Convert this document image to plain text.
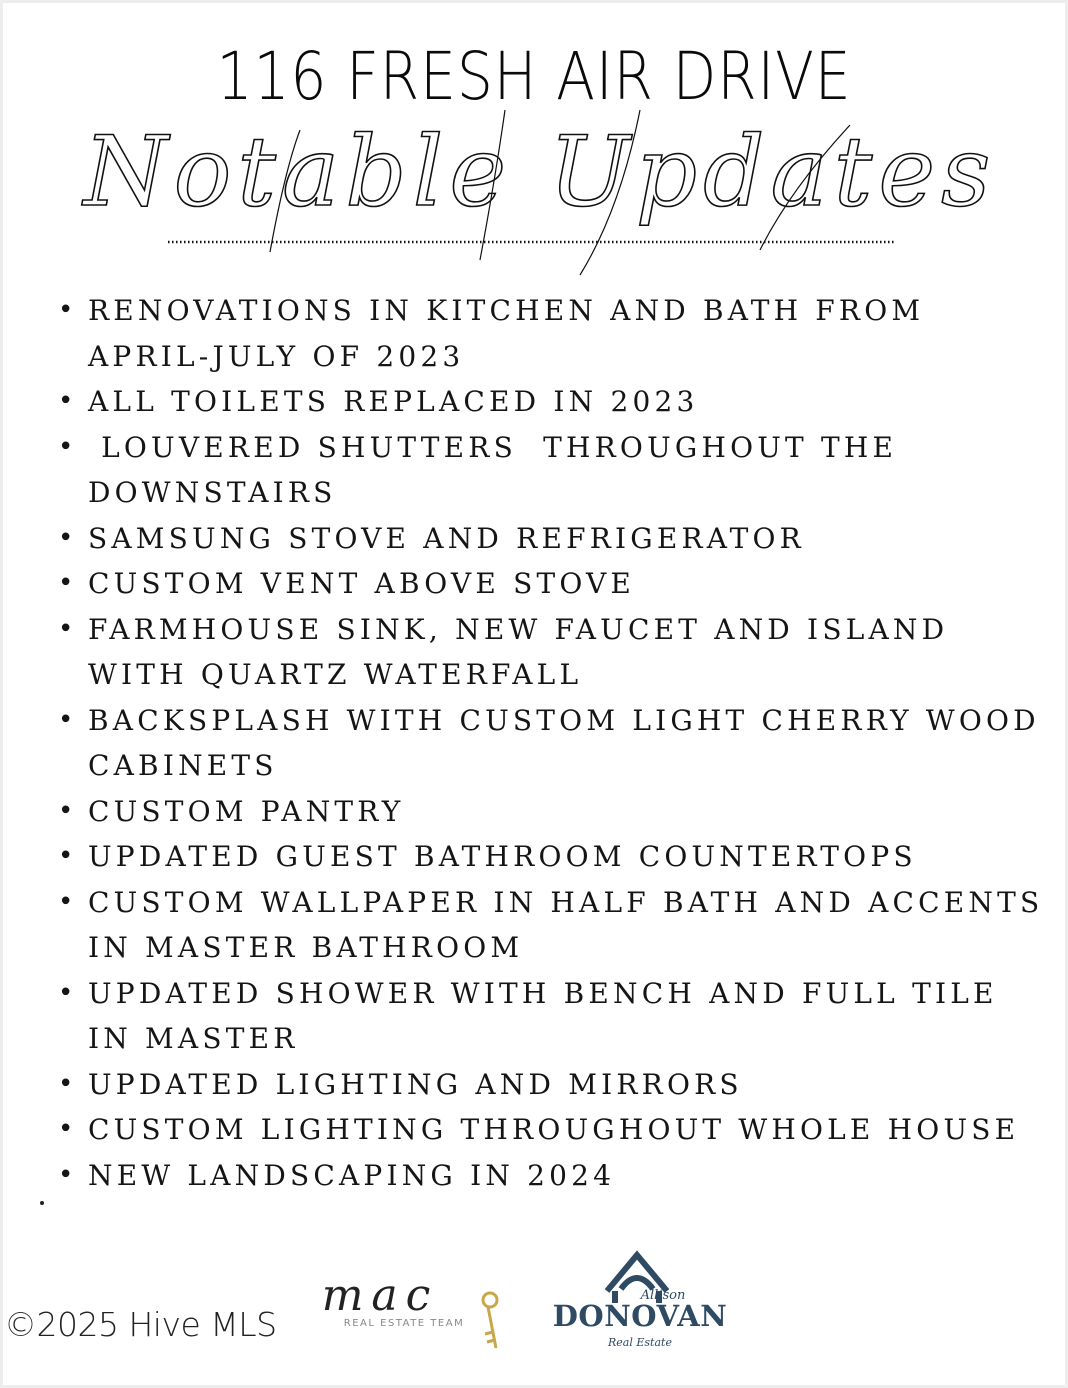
116 FRESH AIR DRIVE
Notable Updates
• RENOVATIONS IN KITCHEN AND BATH FROM APRIL-JULY OF 2023
• ALL TOILETS REPLACED IN 2023
•  LOUVERED SHUTTERS  THROUGHOUT THE DOWNSTAIRS
• SAMSUNG STOVE AND REFRIGERATOR
• CUSTOM VENT ABOVE STOVE
• FARMHOUSE SINK, NEW FAUCET AND ISLAND WITH QUARTZ WATERFALL
• BACKSPLASH WITH CUSTOM LIGHT CHERRY WOOD CABINETS
• CUSTOM PANTRY
• UPDATED GUEST BATHROOM COUNTERTOPS
• CUSTOM WALLPAPER IN HALF BATH AND ACCENTS IN MASTER BATHROOM
• UPDATED SHOWER WITH BENCH AND FULL TILE IN MASTER
• UPDATED LIGHTING AND MIRRORS
• CUSTOM LIGHTING THROUGHOUT WHOLE HOUSE
• NEW LANDSCAPING IN 2024
©2025 Hive MLS
mac
REAL ESTATE TEAM
Allison
DONOVAN
Real Estate
